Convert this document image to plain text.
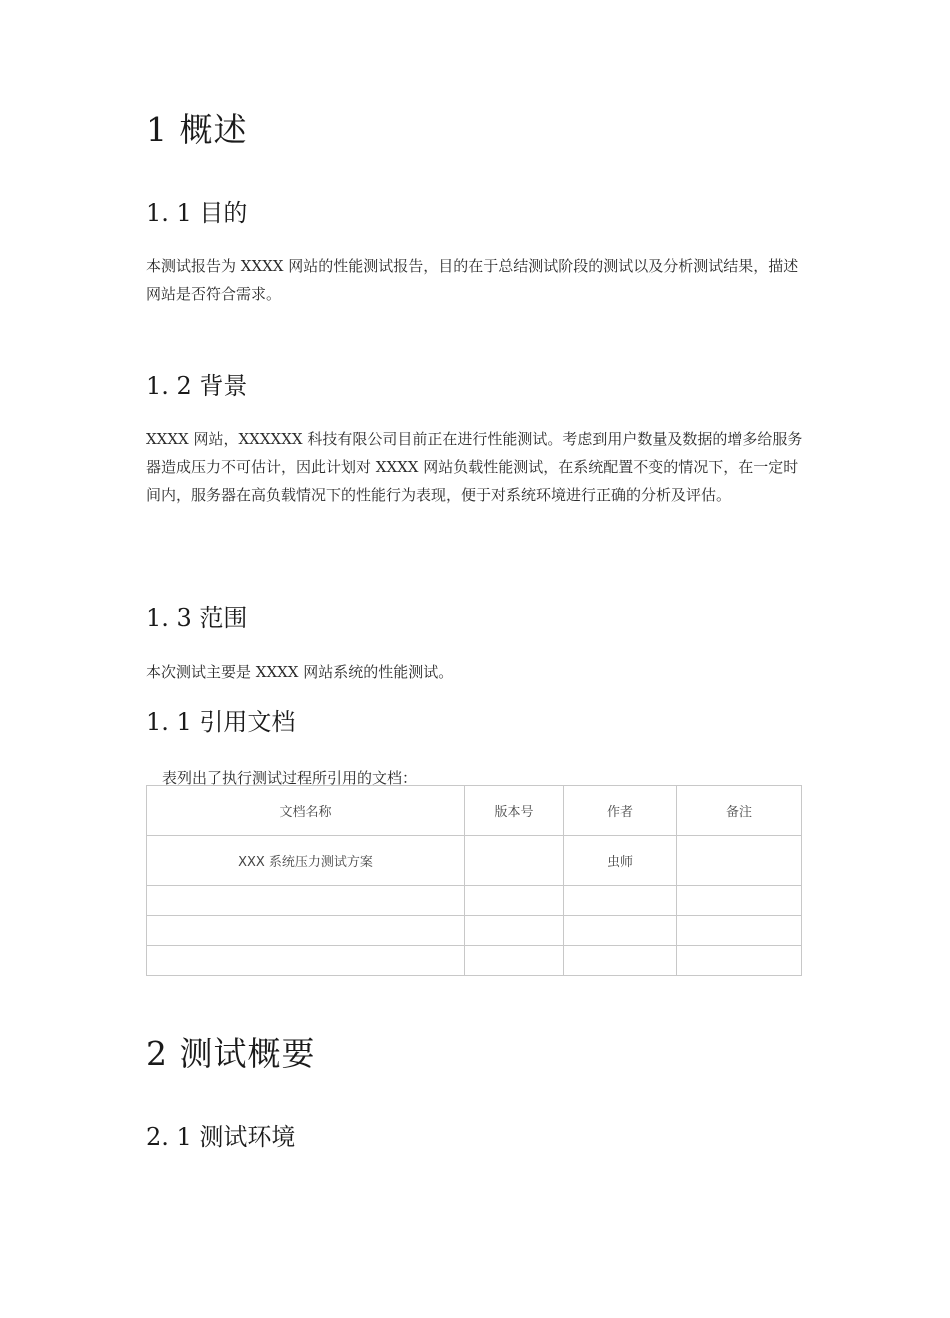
1 概述
1. 1 目的

本测试报告为 XXXX 网站的性能测试报告，目的在于总结测试阶段的测试以及分析测试结果，描述网站是否符合需求。

1. 2 背景

XXXX 网站，XXXXXX 科技有限公司目前正在进行性能测试。考虑到用户数量及数据的增多给服务器造成压力不可估计，因此计划对 XXXX 网站负载性能测试，在系统配置不变的情况下，在一定时间内，服务器在高负载情况下的性能行为表现，便于对系统环境进行正确的分析及评估。

1. 3 范围

本次测试主要是 XXXX 网站系统的性能测试。

1. 1 引用文档
表列出了执行测试过程所引用的文档：
文档名称	版本号	作者	备注
XXX 系统压力测试方案		虫师	

2 测试概要
2. 1 测试环境
